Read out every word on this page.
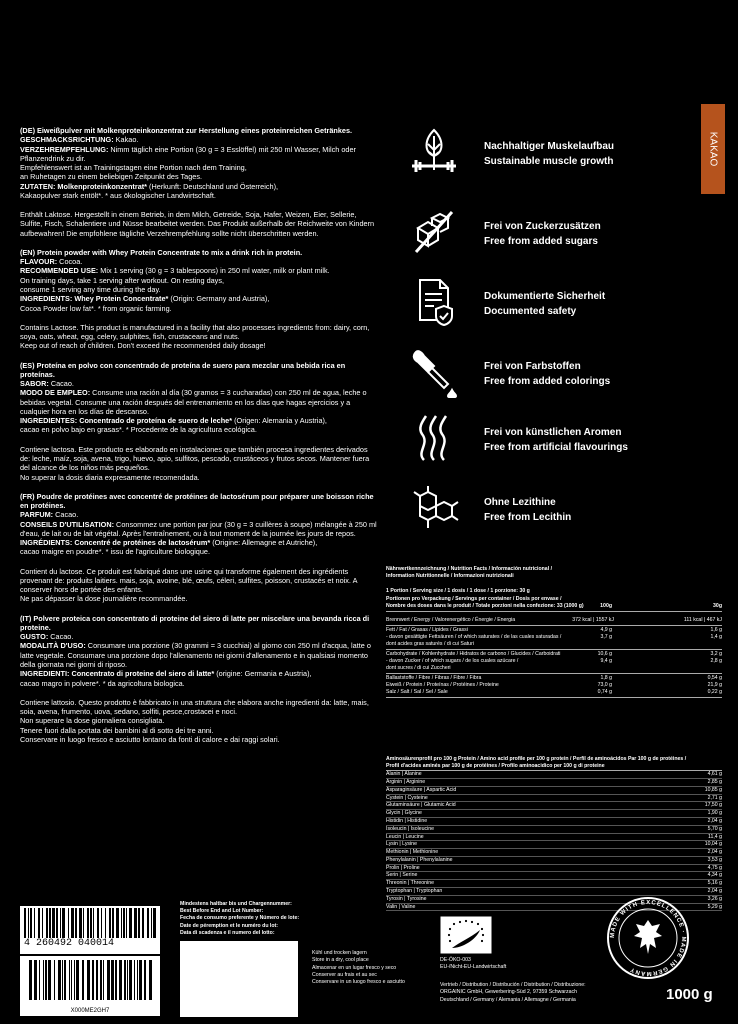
KAKAO
(DE) Eiweißpulver mit Molkenproteinkonzentrat zur Herstellung eines proteinreichen Getränkes.
GESCHMACKSRICHTUNG: Kakao.
VERZEHREMPFEHLUNG: Nimm täglich eine Portion (30 g = 3 Esslöffel) mit 250 ml Wasser, Milch oder Pflanzendrink zu dir.
Empfehlenswert ist an Trainingstagen eine Portion nach dem Training,
an Ruhetagen zu einem beliebigen Zeitpunkt des Tages.
ZUTATEN: Molkenproteinkonzentrat* (Herkunft: Deutschland und Österreich),
Kakaopulver stark entölt*. * aus ökologischer Landwirtschaft.
Enthält Laktose. Hergestellt in einem Betrieb, in dem Milch, Getreide, Soja, Hafer, Weizen, Eier, Sellerie, Sulfite, Fisch, Schalentiere und Nüsse bearbeitet werden. Das Produkt außerhalb der Reichweite von Kindern aufbewahren! Die empfohlene tägliche Verzehrempfehlung sollte nicht überschritten werden.
(EN) Protein powder with Whey Protein Concentrate to mix a drink rich in protein.
FLAVOUR: Cocoa.
RECOMMENDED USE: Mix 1 serving (30 g = 3 tablespoons) in 250 ml water, milk or plant milk.
On training days, take 1 serving after workout. On resting days,
consume 1 serving any time during the day.
INGREDIENTS: Whey Protein Concentrate* (Origin: Germany and Austria),
Cocoa Powder low fat*. * from organic farming.
Contains Lactose. This product is manufactured in a facility that also processes ingredients from: dairy, corn, soya, oats, wheat, egg, celery, sulphites, fish, crustaceans and nuts.
Keep out of reach of children. Don't exceed the recommended daily dosage!
(ES) Proteína en polvo con concentrado de proteína de suero para mezclar una bebida rica en proteínas.
SABOR: Cacao.
MODO DE EMPLEO: Consume una ración al día (30 gramos = 3 cucharadas) con 250 ml de agua, leche o bebidas vegetal. Consume una ración después del entrenamiento en los días que hagas ejercicios y a cualquier hora en los días de descanso.
INGREDIENTES: Concentrado de proteína de suero de leche* (Origen: Alemania y Austria),
cacao en polvo bajo en grasas*. * Procedente de la agricultura ecológica.
Contiene lactosa. Este producto es elaborado en instalaciones que también procesa ingredientes derivados de: leche, maíz, soja, avena, trigo, huevo, apio, sulfitos, pescado, crustáceos y frutos secos. Mantener fuera del alcance de los niños más pequeños.
No superar la dosis diaria expresamente recomendada.
(FR) Poudre de protéines avec concentré de protéines de lactosérum pour préparer une boisson riche en protéines.
PARFUM: Cacao.
CONSEILS D'UTILISATION: Consommez une portion par jour (30 g = 3 cuillères à soupe) mélangée à 250 ml d'eau, de lait ou de lait végétal. Après l'entraînement, ou à tout moment de la journée les jours de repos.
INGRÉDIENTS: Concentré de protéines de lactosérum* (Origine: Allemagne et Autriche),
cacao maigre en poudre*. * issu de l'agriculture biologique.
Contient du lactose. Ce produit est fabriqué dans une usine qui transforme également des ingrédients provenant de: produits laitiers. mais, soja, avoine, blé, œufs, céleri, sulfites, poisson, crustacés et noix. A conserver hors de portée des enfants.
Ne pas dépasser la dose journalière recommandée.
(IT) Polvere proteica con concentrato di proteine del siero di latte per miscelare una bevanda ricca di proteine.
GUSTO: Cacao.
MODALITÀ D'USO: Consumare una porzione (30 grammi = 3 cucchiai) al giorno con 250 ml d'acqua, latte o latte vegetale. Consumare una porzione dopo l'allenamento nei giorni d'allenamento e in qualsiasi momento della giornata nei giorni di riposo.
INGREDIENTI: Concentrato di proteine del siero di latte* (origine: Germania e Austria),
cacao magro in polvere*. * da agricoltura biologica.
Contiene lattosio. Questo prodotto è fabbricato in una struttura che elabora anche ingredienti da: latte, mais, soia, avena, frumento, uova, sedano, solfiti, pesce,crostacei e noci.
Non superare la dose giornaliera consigliata.
Tenere fuori dalla portata dei bambini al di sotto dei tre anni.
Conservare in luogo fresco e asciutto lontano da fonti di calore e dai raggi solari.
Nachhaltiger Muskelaufbau
Sustainable muscle growth
Frei von Zuckerzusätzen
Free from added sugars
Dokumentierte Sicherheit
Documented safety
Frei von Farbstoffen
Free from added colorings
Frei von künstlichen Aromen
Free from artificial flavourings
Ohne Lezithine
Free from Lecithin
Nährwertkennzeichnung / Nutrition Facts / Información nutricional /
Information Nutritionnelle / Informazioni nutrizionali
1 Portion / Serving size / 1 dosis / 1 dose / 1 porzione: 30 g
Portionen pro Verpackung / Servings per container / Dosis por envase /
Nombre des doses dans le produit / Totale porzioni nella confezione: 33 (1000 g)	100g	30g
Brennwert / Energy / Valorenergético / Énergie / Energia	372 kcal | 1557 kJ	111 kcal | 467 kJ
Fett / Fat / Grasas / Lipides / Grassi	4,9 g	1,6 g
- davon gesättigte Fettsäuren / of which saturates / de las cuales saturadas /	3,7 g	1,4 g
dont acides gras saturés / di cui Saturi
Carbohydrate / Kohlenhydrate / Hidratos de carbono / Glucides / Carboidrati	10,6 g	3,2 g
- davon Zucker / of which sugars / de los cuales azúcare /	9,4 g	2,8 g
dont sucres / di cui Zuccheri
Ballaststoffe / Fibre / Fibras / Fibre / Fibra	1,8 g	0,54 g
Eiweiß / Protein / Proteínas / Protéines / Proteine	73,0 g	21,9 g
Salz / Salt / Sal / Sel / Sale	0,74 g	0,22 g
Aminosäurenprofil pro 100 g Protein / Amino acid profile per 100 g protein / Perfil de aminoácidos Par 100 g de protéines /
Profil d'acides aminés par 100 g de protéines / Profilo aminoacidico per 100 g di proteine
Alanin | Alanine	4,61 g
Arginin | Arginine	2,85 g
Asparaginsäure | Aspartic Acid	10,85 g
Cystein | Cysteine	2,71 g
Glutaminsäure | Glutamic Acid	17,50 g
Glycin | Glycine	1,90 g
Histidin | Histidine	2,04 g
Isoleucin | Isoleucine	5,70 g
Leucin | Leucine	11,4 g
Lysin | Lysine	10,04 g
Methionin | Methionine	2,04 g
Phenylalanin | Phenylalanine	3,53 g
Prolin | Proline	4,75 g
Serin | Serine	4,34 g
Threonin | Threonine	5,16 g
Tryptophan | Tryptophan	2,04 g
Tyrosin | Tyrosine	3,26 g
Valin | Valine	5,29 g
4 260492 040014
X000ME2GH7
Mindestens haltbar bis und Chargennummer:
Best Before End and Lot Number:
Fecha de consumo preferente y Número de lote:
Date de péremption et le numéro du lot:
Data di scadenza e il numero del lotto:
Kühl und trocken lagern
Store in a dry, cool place
Almacenar en un lugar fresco y seco
Conserver au frais et au sec
Conservare in un luogo fresco e asciutto
DE-ÖKO-003
EU-/Nicht-EU-Landwirtschaft
Vertrieb / Distribution / Distribución / Distribution / Distribuzione:
ORGAINIC GmbH, Gewerbering-Süd 2, 97359 Schwarzach
Deutschland / Germany / Alemania / Allemagne / Germania
MADE WITH EXCELLENCE · MADE IN GERMANY
1000 g
